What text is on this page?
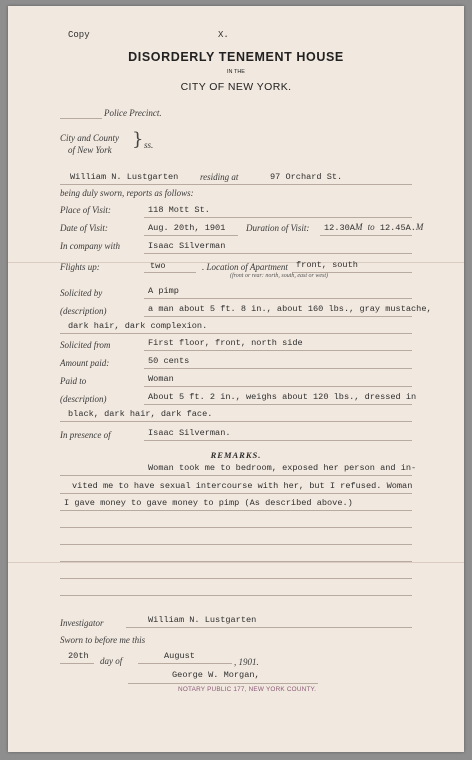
Copy	X.
DISORDERLY TENEMENT HOUSE
IN THE
CITY OF NEW YORK.
Police Precinct.
City and County
of New York } ss.
William N. Lustgarten residing at	97 Orchard St.
being duly sworn, reports as follows:
Place of Visit:	118 Mott St.
Date of Visit:	Aug. 20th, 1901 Duration of Visit: 12.30AM to 12.45A.M
In company with	Isaac Silverman
Flights up:	two	. Location of Apartment front, south
(front or rear: north, south, east or west)
Solicited by	A pimp
(description)	a man about 5 ft. 8 in., about 160 lbs., gray mustache,
dark hair, dark complexion.
Solicited from	First floor, front, north side
Amount paid:	50 cents
Paid to	Woman
(description)	About 5 ft. 2 in., weighs about 120 lbs., dressed in
black, dark hair, dark face.
In presence of	Isaac Silverman.
REMARKS.
Woman took me to bedroom, exposed her person and in-
vited me to have sexual intercourse with her, but I refused. Woman
I gave money to gave money to pimp (As described above.)
Investigator	William N. Lustgarten
Sworn to before me this
20th day of	August
, 1901.
George W. Morgan,
NOTARY PUBLIC 177, NEW YORK COUNTY.
